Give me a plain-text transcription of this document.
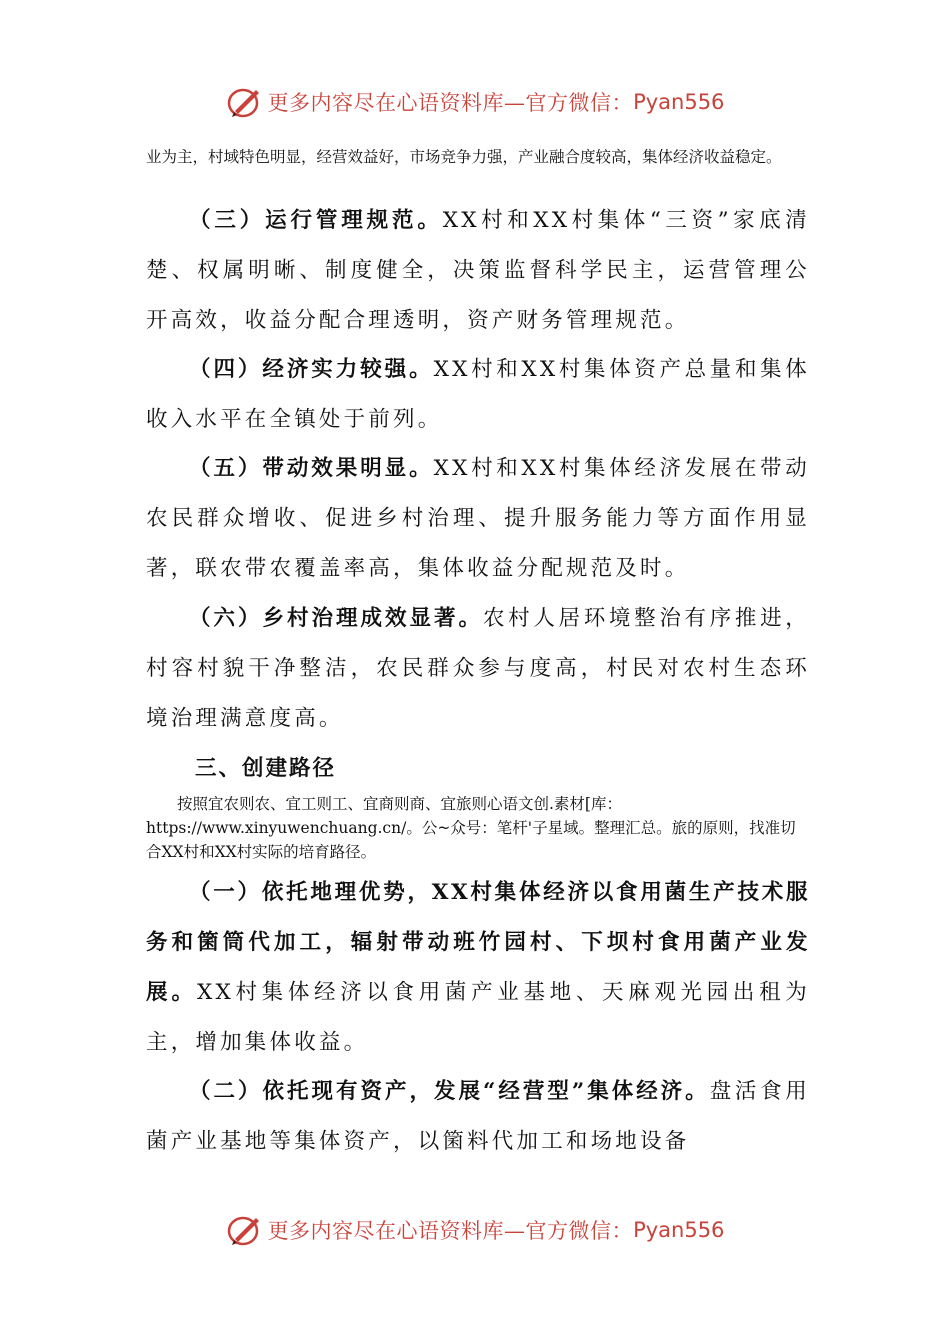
更多内容尽在心语资料库—官方微信： Pyan556

业为主，村域特色明显，经营效益好，市场竞争力强，产业融合度较高，集体经济收益稳定。

（三）运行管理规范。XX村和XX村集体“三资”家底清楚、权属明晰、制度健全，决策监督科学民主，运营管理公开高效，收益分配合理透明，资产财务管理规范。

（四）经济实力较强。XX村和XX村集体资产总量和集体收入水平在全镇处于前列。

（五）带动效果明显。XX村和XX村集体经济发展在带动农民群众增收、促进乡村治理、提升服务能力等方面作用显著，联农带农覆盖率高，集体收益分配规范及时。

（六）乡村治理成效显著。农村人居环境整治有序推进，村容村貌干净整洁，农民群众参与度高，村民对农村生态环境治理满意度高。

三、创建路径

按照宜农则农、宜工则工、宜商则商、宜旅则心语文创.素材[库：https://www.xinyuwenchuang.cn/。公~众号：笔杆'子星域。整理汇总。旅的原则，找准切合XX村和XX村实际的培育路径。

（一）依托地理优势，XX村集体经济以食用菌生产技术服务和箘筒代加工，辐射带动班竹园村、下坝村食用菌产业发展。XX村集体经济以食用菌产业基地、天麻观光园出租为主，增加集体收益。

（二）依托现有资产，发展“经营型”集体经济。盘活食用菌产业基地等集体资产，以箘料代加工和场地设备

更多内容尽在心语资料库—官方微信： Pyan556
